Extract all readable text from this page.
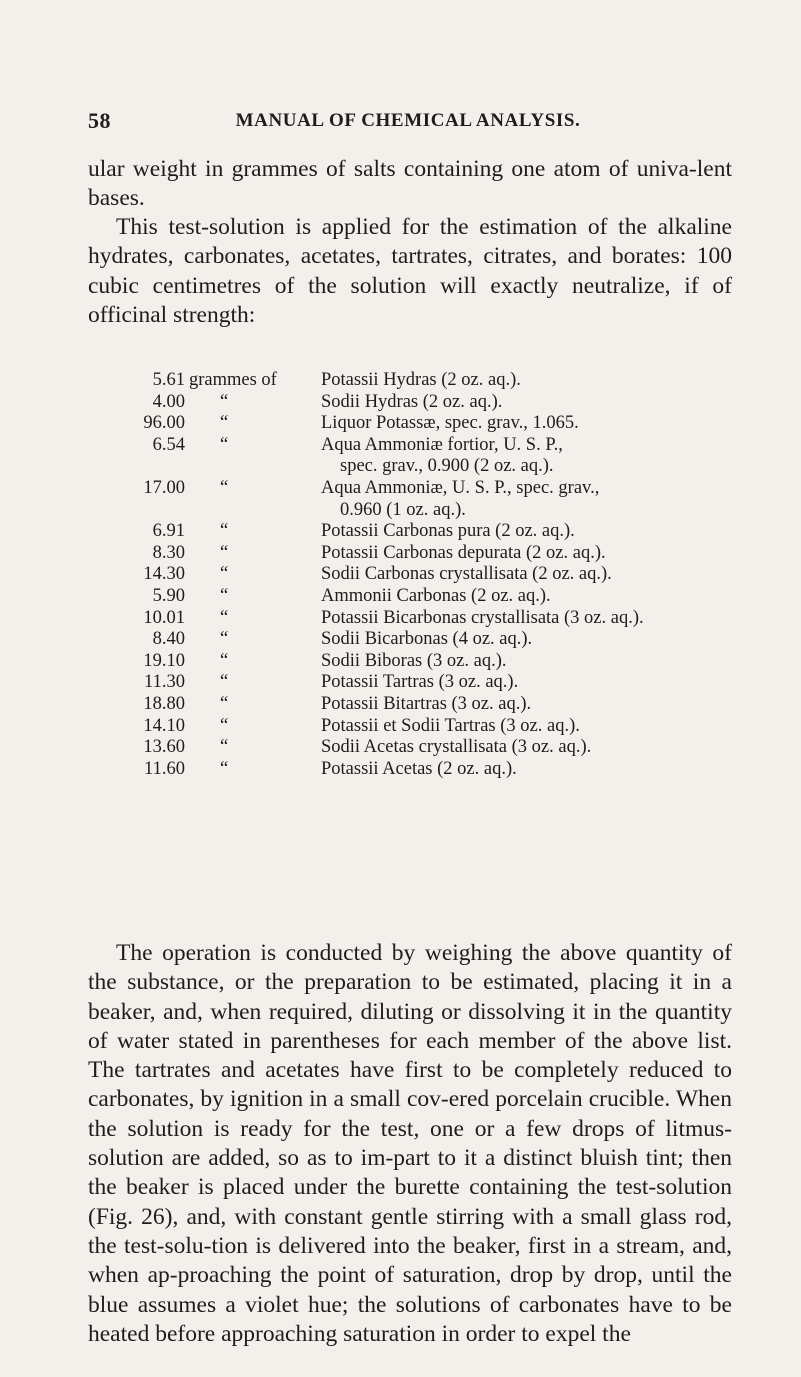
58	MANUAL OF CHEMICAL ANALYSIS.

ular weight in grammes of salts containing one atom of univa-lent bases.

This test-solution is applied for the estimation of the alkaline hydrates, carbonates, acetates, tartrates, citrates, and borates: 100 cubic centimetres of the solution will exactly neutralize, if of officinal strength:

5.61 grammes of	Potassii Hydras (2 oz. aq.).
4.00	“	Sodii Hydras (2 oz. aq.).
96.00	“	Liquor Potassæ, spec. grav., 1.065.
6.54	“	Aqua Ammoniæ fortior, U. S. P.,
spec. grav., 0.900 (2 oz. aq.).
17.00	“	Aqua Ammoniæ, U. S. P., spec. grav.,
0.960 (1 oz. aq.).
6.91	“	Potassii Carbonas pura (2 oz. aq.).
8.30	“	Potassii Carbonas depurata (2 oz. aq.).
14.30	“	Sodii Carbonas crystallisata (2 oz. aq.).
5.90	“	Ammonii Carbonas (2 oz. aq.).
10.01	“	Potassii Bicarbonas crystallisata (3 oz. aq.).
8.40	“	Sodii Bicarbonas (4 oz. aq.).
19.10	“	Sodii Biboras (3 oz. aq.).
11.30	“	Potassii Tartras (3 oz. aq.).
18.80	“	Potassii Bitartras (3 oz. aq.).
14.10	“	Potassii et Sodii Tartras (3 oz. aq.).
13.60	“	Sodii Acetas crystallisata (3 oz. aq.).
11.60	“	Potassii Acetas (2 oz. aq.).

The operation is conducted by weighing the above quantity of the substance, or the preparation to be estimated, placing it in a beaker, and, when required, diluting or dissolving it in the quantity of water stated in parentheses for each member of the above list. The tartrates and acetates have first to be completely reduced to carbonates, by ignition in a small cov-ered porcelain crucible. When the solution is ready for the test, one or a few drops of litmus-solution are added, so as to im-part to it a distinct bluish tint; then the beaker is placed under the burette containing the test-solution (Fig. 26), and, with constant gentle stirring with a small glass rod, the test-solu-tion is delivered into the beaker, first in a stream, and, when ap-proaching the point of saturation, drop by drop, until the blue assumes a violet hue; the solutions of carbonates have to be heated before approaching saturation in order to expel the
